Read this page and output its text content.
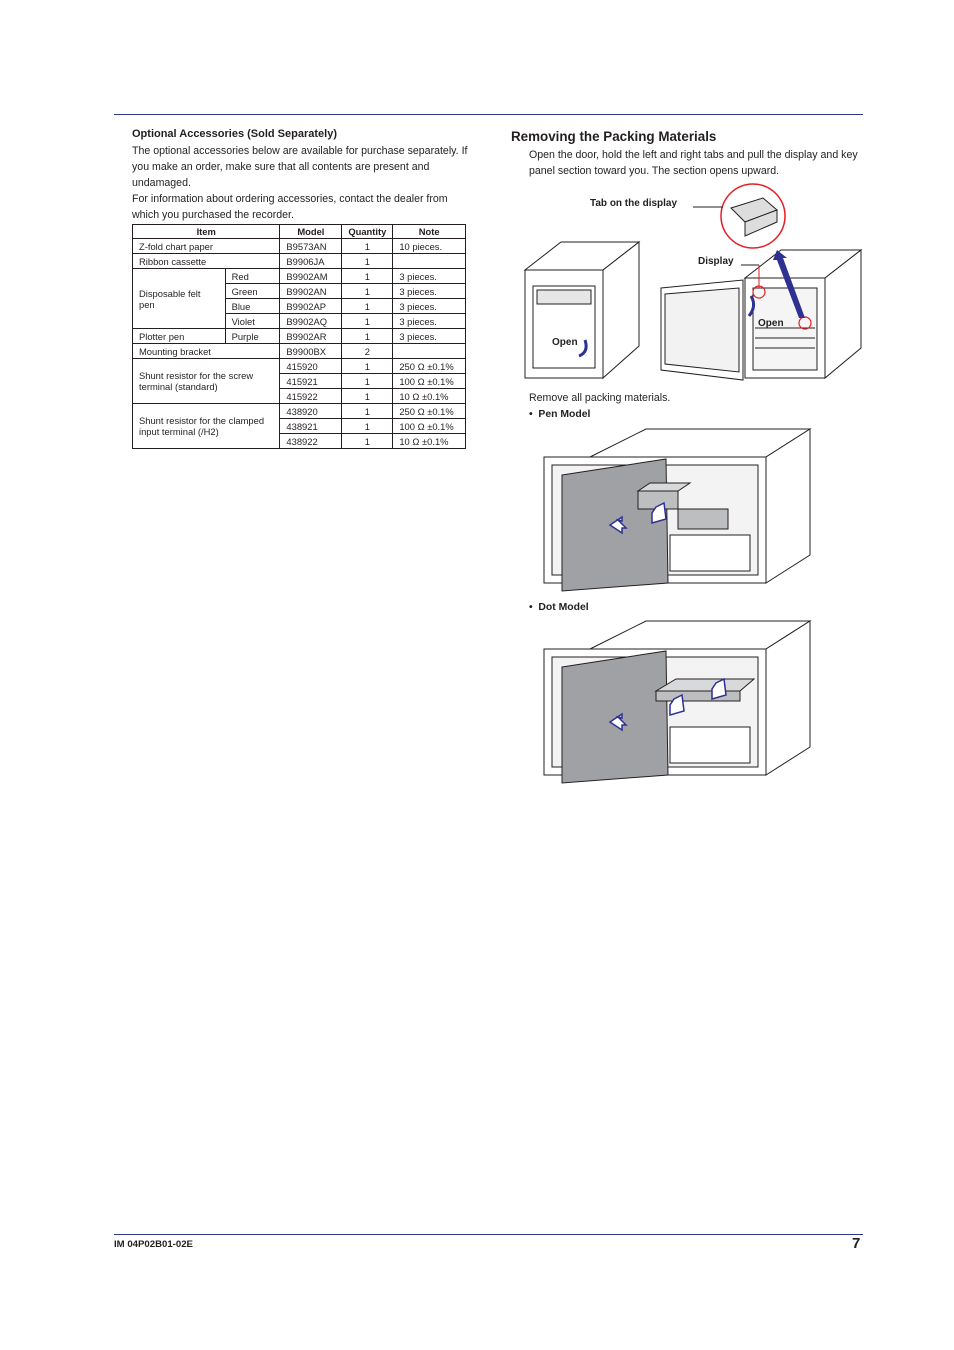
Optional Accessories (Sold Separately)
The optional accessories below are available for purchase separately. If you make an order, make sure that all contents are present and undamaged.
For information about ordering accessories, contact the dealer from which you purchased the recorder.
Item		Model	Quantity	Note
Z-fold chart paper		B9573AN	1	10 pieces.
Ribbon cassette		B9906JA	1	
Disposable felt pen	Red	B9902AM	1	3 pieces.
	Green	B9902AN	1	3 pieces.
	Blue	B9902AP	1	3 pieces.
	Violet	B9902AQ	1	3 pieces.
Plotter pen	Purple	B9902AR	1	3 pieces.
Mounting bracket		B9900BX	2	
Shunt resistor for the screw terminal (standard)		415920	1	250 Ω ±0.1%
		415921	1	100 Ω ±0.1%
		415922	1	10 Ω ±0.1%
Shunt resistor for the clamped input terminal (/H2)		438920	1	250 Ω ±0.1%
		438921	1	100 Ω ±0.1%
		438922	1	10 Ω ±0.1%
Removing the Packing Materials
Open the door, hold the left and right tabs and pull the display and key panel section toward you. The section opens upward.
Tab on the display
Display
Open
Open
Remove all packing materials.
•  Pen Model
•  Dot Model
IM 04P02B01-02E	7
